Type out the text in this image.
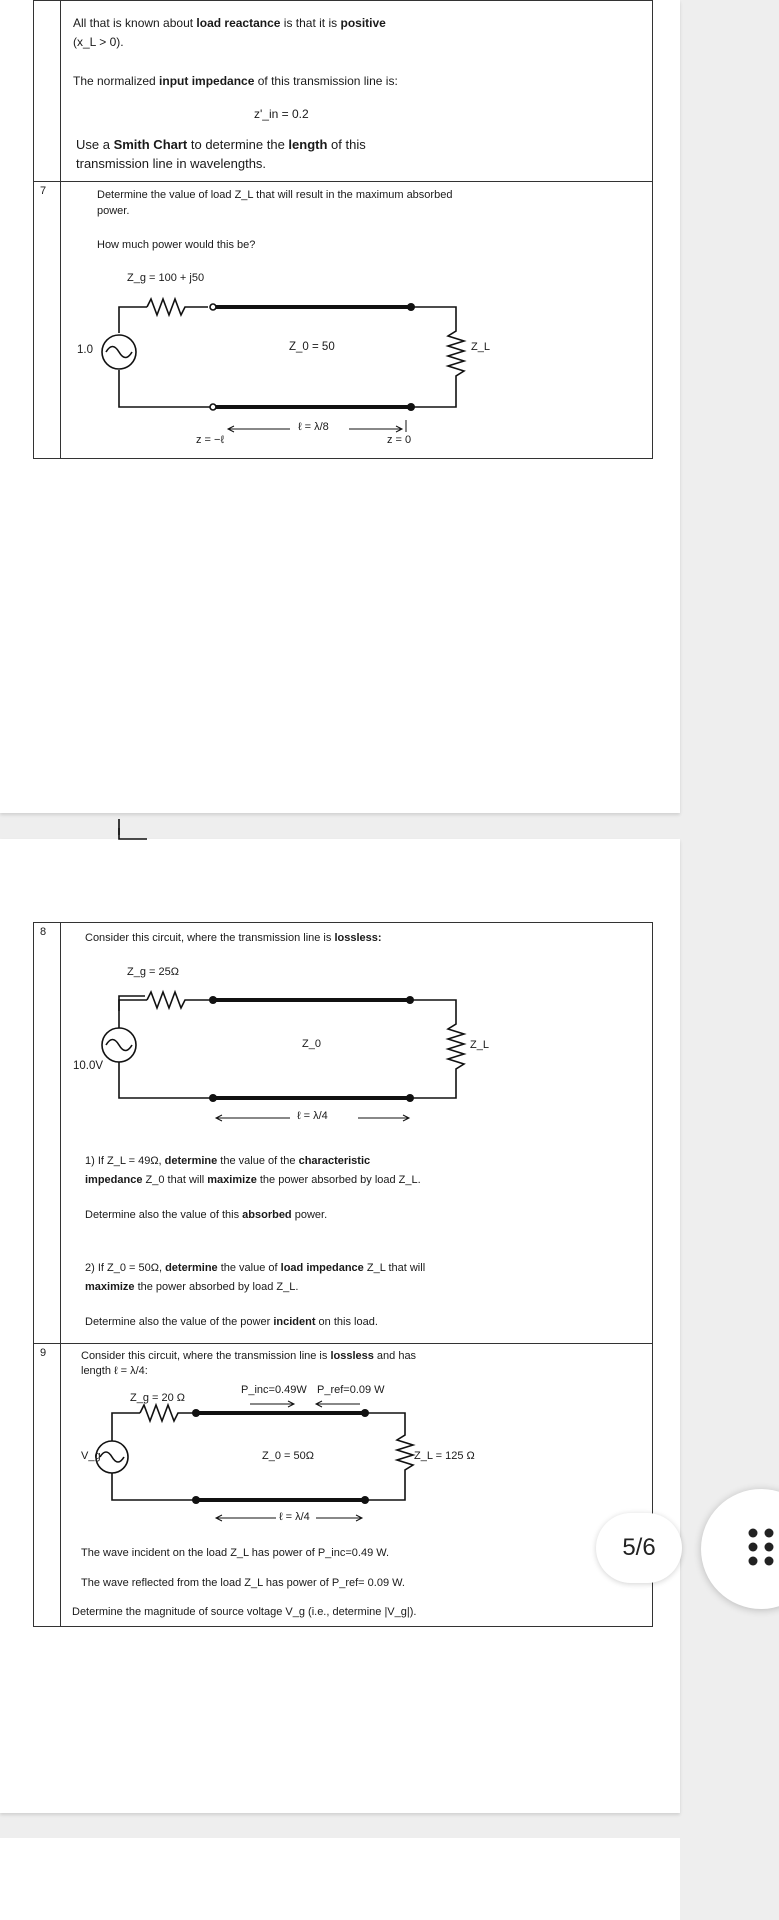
7
All that is known about load reactance is that it is positive
(x_L > 0).
The normalized input impedance of this transmission line is:
z'_in = 0.2
Use a Smith Chart to determine the length of this
transmission line in wavelengths.
Determine the value of load Z_L that will result in the maximum absorbed
power.
How much power would this be?
Z_g = 100 + j50
1.0	Z_0 = 50	Z_L
ℓ = λ/8
z = −ℓ	z = 0
8
9
Consider this circuit, where the transmission line is lossless:
1) If Z_L = 49Ω, determine the value of the characteristic
impedance Z_0 that will maximize the power absorbed by load Z_L.
Determine also the value of this absorbed power.
2) If Z_0 = 50Ω, determine the value of load impedance Z_L that will
maximize the power absorbed by load Z_L.
Determine also the value of the power incident on this load.
Consider this circuit, where the transmission line is lossless and has
length ℓ = λ/4:
The wave incident on the load Z_L has power of P_inc=0.49 W.
The wave reflected from the load Z_L has power of P_ref= 0.09 W.
Determine the magnitude of source voltage V_g (i.e., determine |V_g|).
Z_g = 25Ω
10.0V
Z_0	Z_L
ℓ = λ/4
Z_g = 20 Ω
P_inc=0.49W P_ref=0.09 W
V_g	Z_0 = 50Ω	Z_L = 125 Ω
ℓ = λ/4
5/6
